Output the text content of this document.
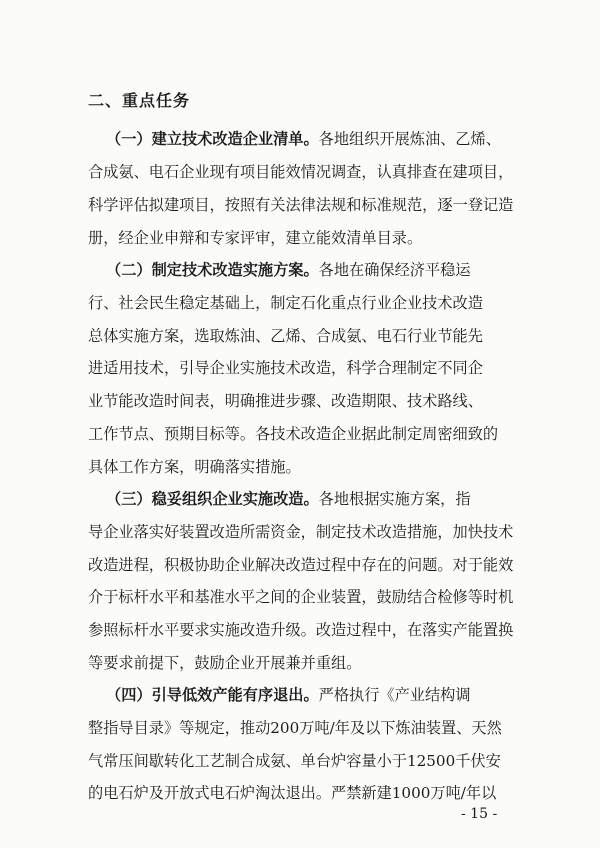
二、重点任务
（一）建立技术改造企业清单。各地组织开展炼油、乙烯、
合成氨、电石企业现有项目能效情况调查，认真排查在建项目，
科学评估拟建项目，按照有关法律法规和标准规范，逐一登记造
册，经企业申辩和专家评审，建立能效清单目录。
（二）制定技术改造实施方案。各地在确保经济平稳运
行、社会民生稳定基础上，制定石化重点行业企业技术改造
总体实施方案，选取炼油、乙烯、合成氨、电石行业节能先
进适用技术，引导企业实施技术改造，科学合理制定不同企
业节能改造时间表，明确推进步骤、改造期限、技术路线、
工作节点、预期目标等。各技术改造企业据此制定周密细致的
具体工作方案，明确落实措施。
（三）稳妥组织企业实施改造。各地根据实施方案，指
导企业落实好装置改造所需资金，制定技术改造措施，加快技术
改造进程，积极协助企业解决改造过程中存在的问题。对于能效
介于标杆水平和基准水平之间的企业装置，鼓励结合检修等时机
参照标杆水平要求实施改造升级。改造过程中，在落实产能置换
等要求前提下，鼓励企业开展兼并重组。
（四）引导低效产能有序退出。严格执行《产业结构调
整指导目录》等规定，推动200万吨/年及以下炼油装置、天然
气常压间歇转化工艺制合成氨、单台炉容量小于12500千伏安
的电石炉及开放式电石炉淘汰退出。严禁新建1000万吨/年以
- 15 -
